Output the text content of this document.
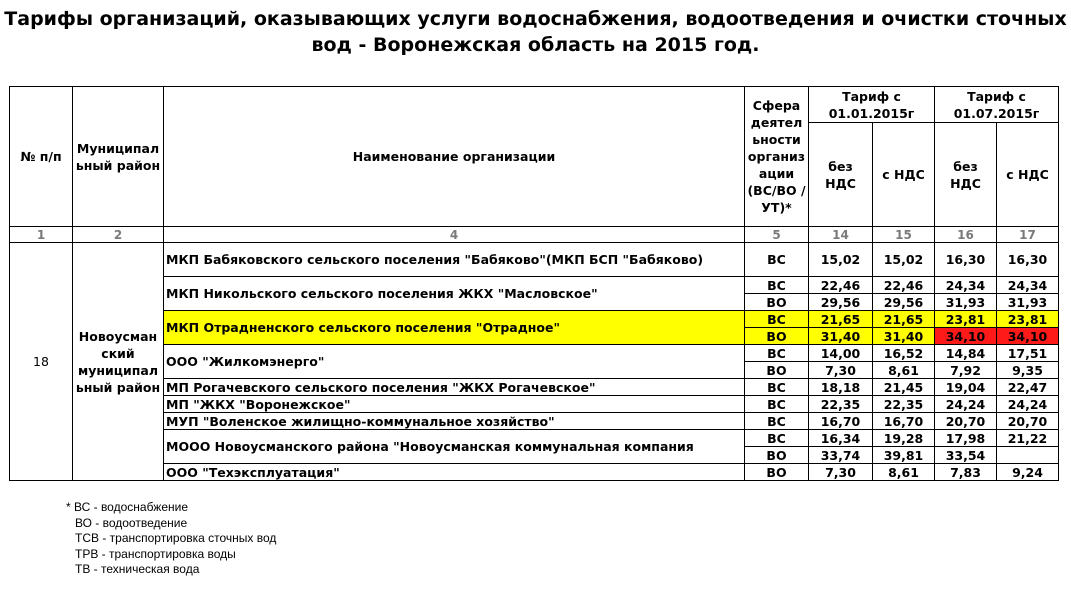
Тарифы организаций, оказывающих услуги водоснабжения, водоотведения и очистки сточных
вод - Воронежская область на 2015 год.
№ п/п	Муниципал ьный район	Наименование организации	Сфера деятел ьности организ ации (ВС/ВО /УТ)*	Тариф с 01.01.2015г		Тариф с 01.07.2015г	
				без НДС	с НДС	без НДС	с НДС
1	2	4	5	14	15	16	17
18	Новоусман ский муниципал ьный район	МКП Бабяковского сельского поселения "Бабяково"(МКП БСП "Бабяково)	ВС	15,02	15,02	16,30	16,30
		МКП Никольского сельского поселения ЖКХ "Масловское"	ВС	22,46	22,46	24,34	24,34
			ВО	29,56	29,56	31,93	31,93
		МКП Отрадненского сельского поселения "Отрадное"	ВС	21,65	21,65	23,81	23,81
			ВО	31,40	31,40	34,10	34,10
		ООО "Жилкомэнерго"	ВС	14,00	16,52	14,84	17,51
			ВО	7,30	8,61	7,92	9,35
		МП Рогачевского сельского поселения "ЖКХ Рогачевское"	ВС	18,18	21,45	19,04	22,47
		МП "ЖКХ "Воронежское"	ВС	22,35	22,35	24,24	24,24
		МУП "Воленское жилищно-коммунальное хозяйство"	ВС	16,70	16,70	20,70	20,70
		МООО Новоусманского района "Новоусманская коммунальная компания	ВС	16,34	19,28	17,98	21,22
			ВО	33,74	39,81	33,54	
		ООО "Техэксплуатация"	ВО	7,30	8,61	7,83	9,24
* ВС - водоснабжение
ВО - водоотведение
ТСВ - транспортировка сточных вод
ТРВ - транспортировка воды
ТВ - техническая вода
